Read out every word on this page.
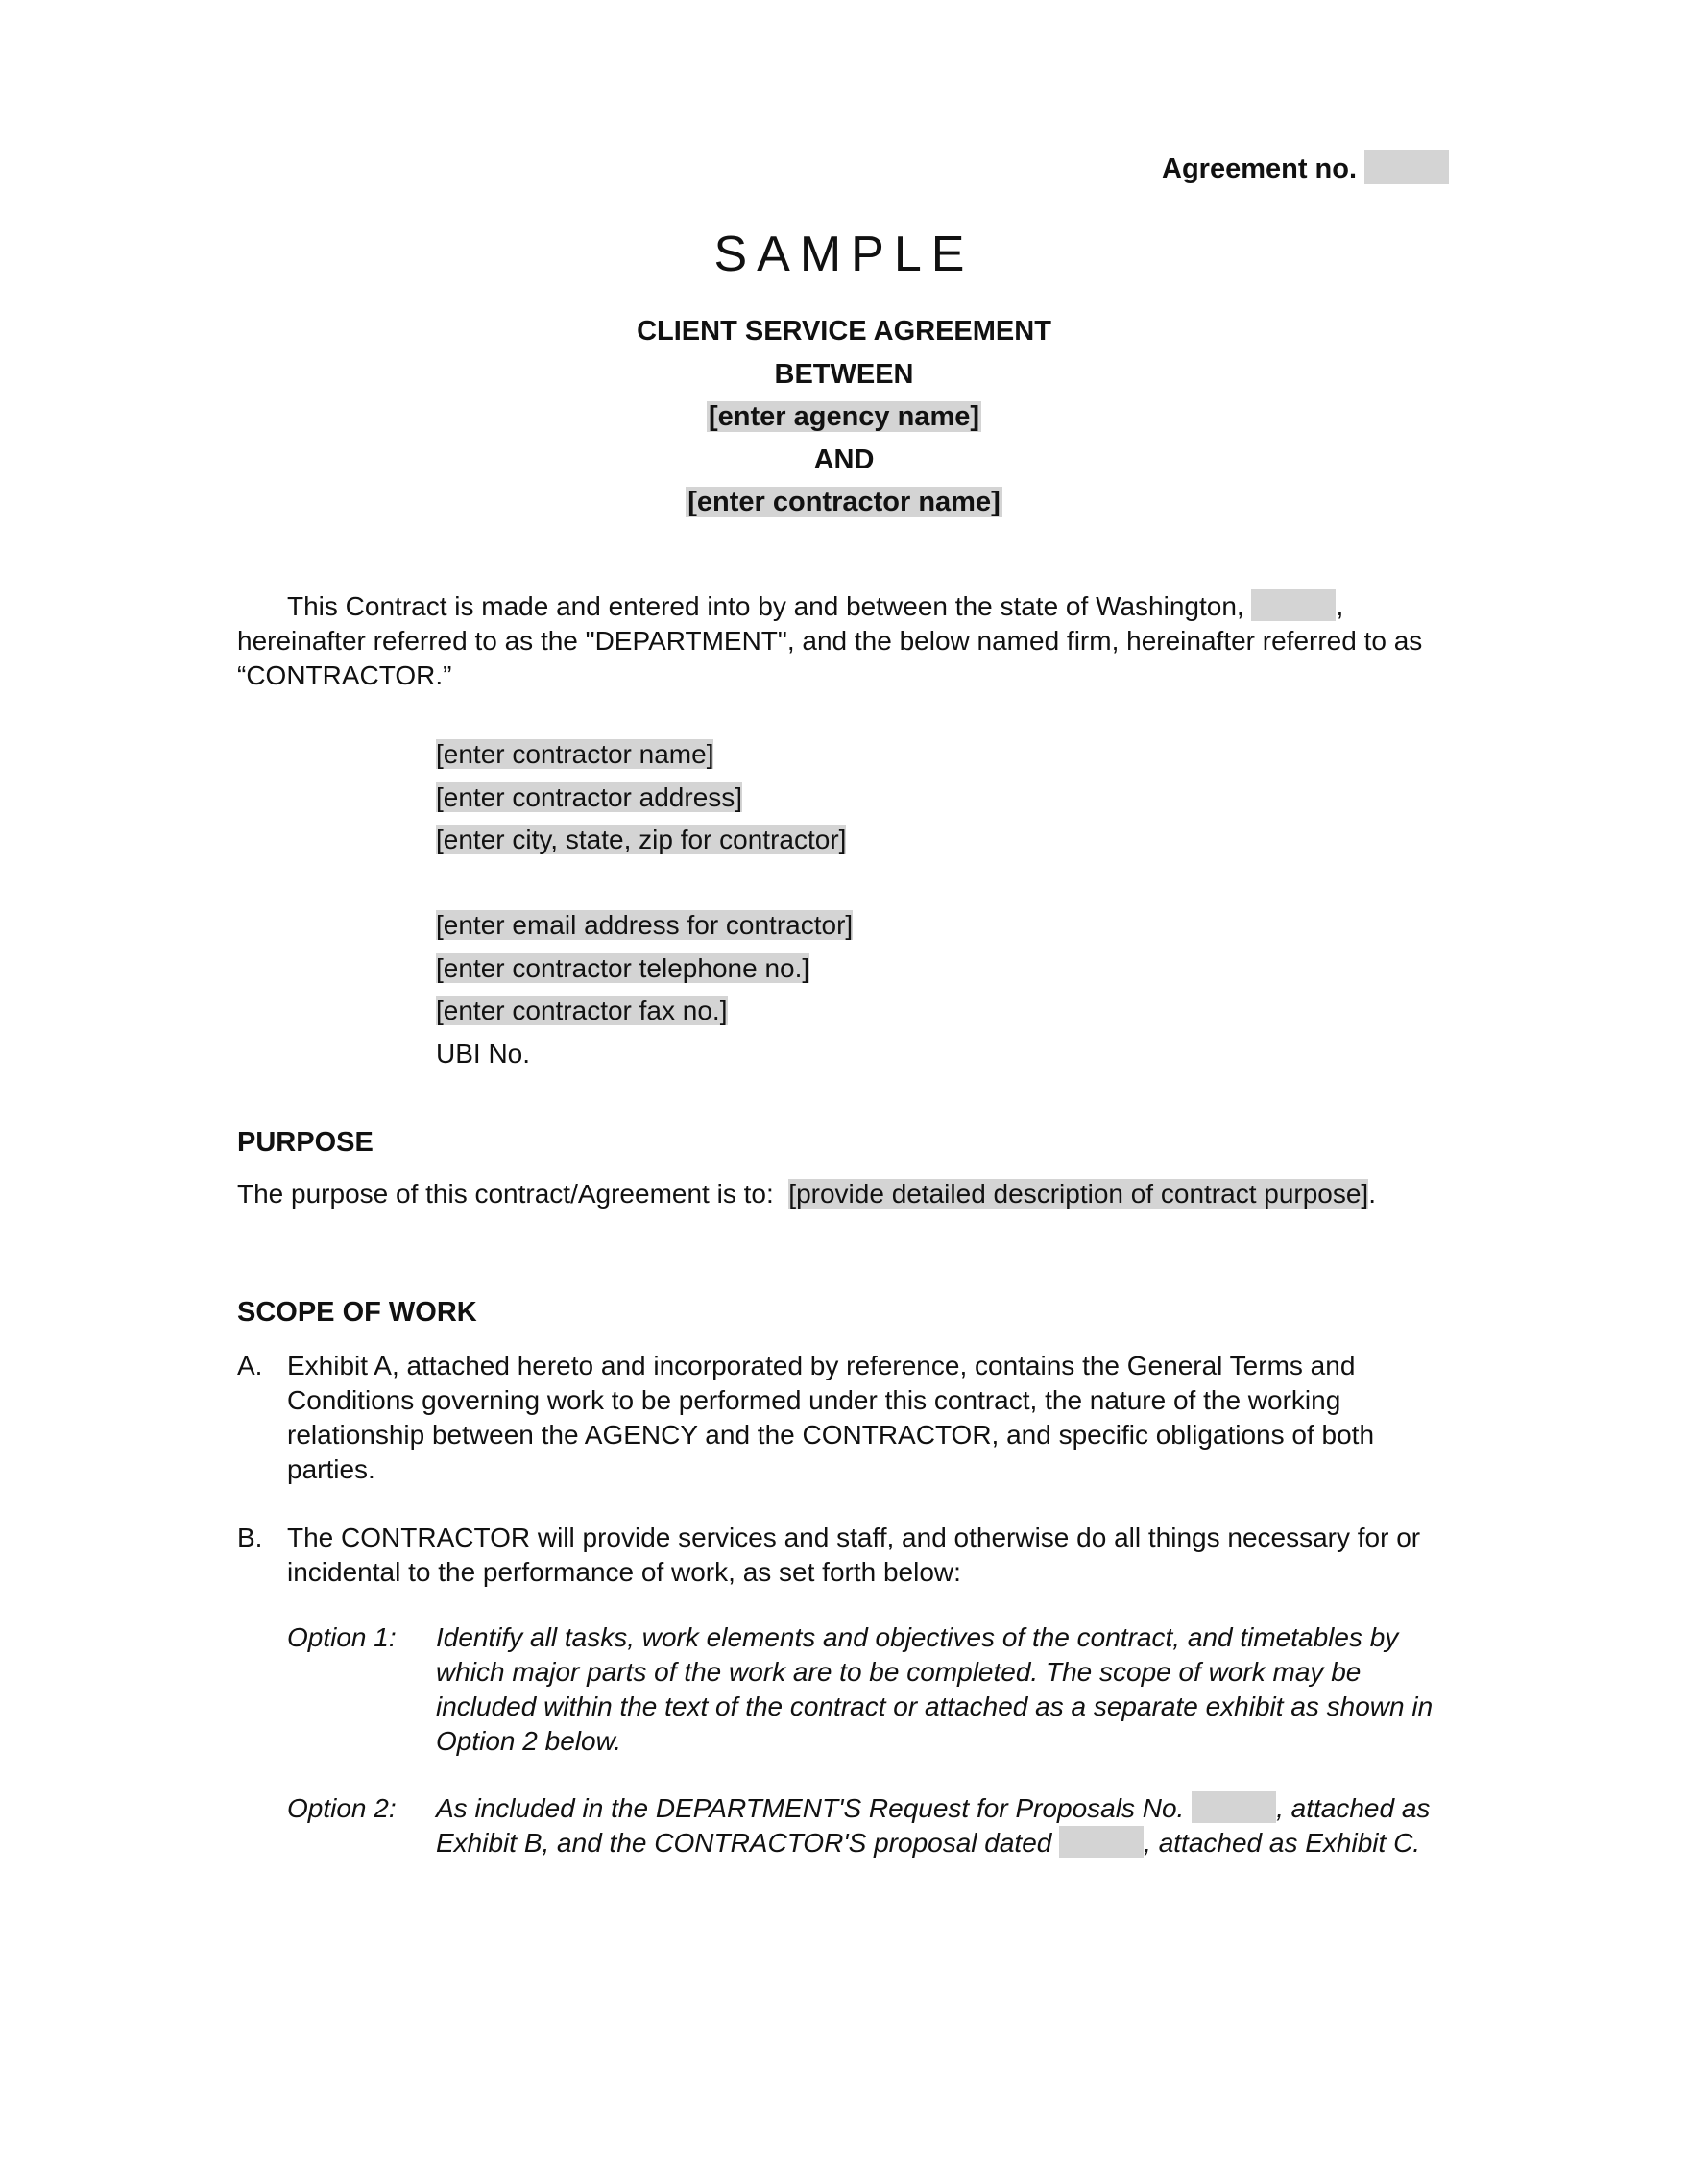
Agreement no.
SAMPLE
CLIENT SERVICE AGREEMENT
BETWEEN
[enter agency name]
AND
[enter contractor name]
This Contract is made and entered into by and between the state of Washington,	, hereinafter referred to as the "DEPARTMENT", and the below named firm, hereinafter referred to as “CONTRACTOR.”
[enter contractor name]
[enter contractor address]
[enter city, state, zip for contractor]
[enter email address for contractor]
[enter contractor telephone no.]
[enter contractor fax no.]
UBI No.
PURPOSE
The purpose of this contract/Agreement is to: [provide detailed description of contract purpose].
SCOPE OF WORK
A. Exhibit A, attached hereto and incorporated by reference, contains the General Terms and Conditions governing work to be performed under this contract, the nature of the working relationship between the AGENCY and the CONTRACTOR, and specific obligations of both parties.
B. The CONTRACTOR will provide services and staff, and otherwise do all things necessary for or incidental to the performance of work, as set forth below:
Option 1: Identify all tasks, work elements and objectives of the contract, and timetables by which major parts of the work are to be completed. The scope of work may be included within the text of the contract or attached as a separate exhibit as shown in Option 2 below.
Option 2: As included in the DEPARTMENT'S Request for Proposals No.	, attached as Exhibit B, and the CONTRACTOR'S proposal dated	, attached as Exhibit C.
